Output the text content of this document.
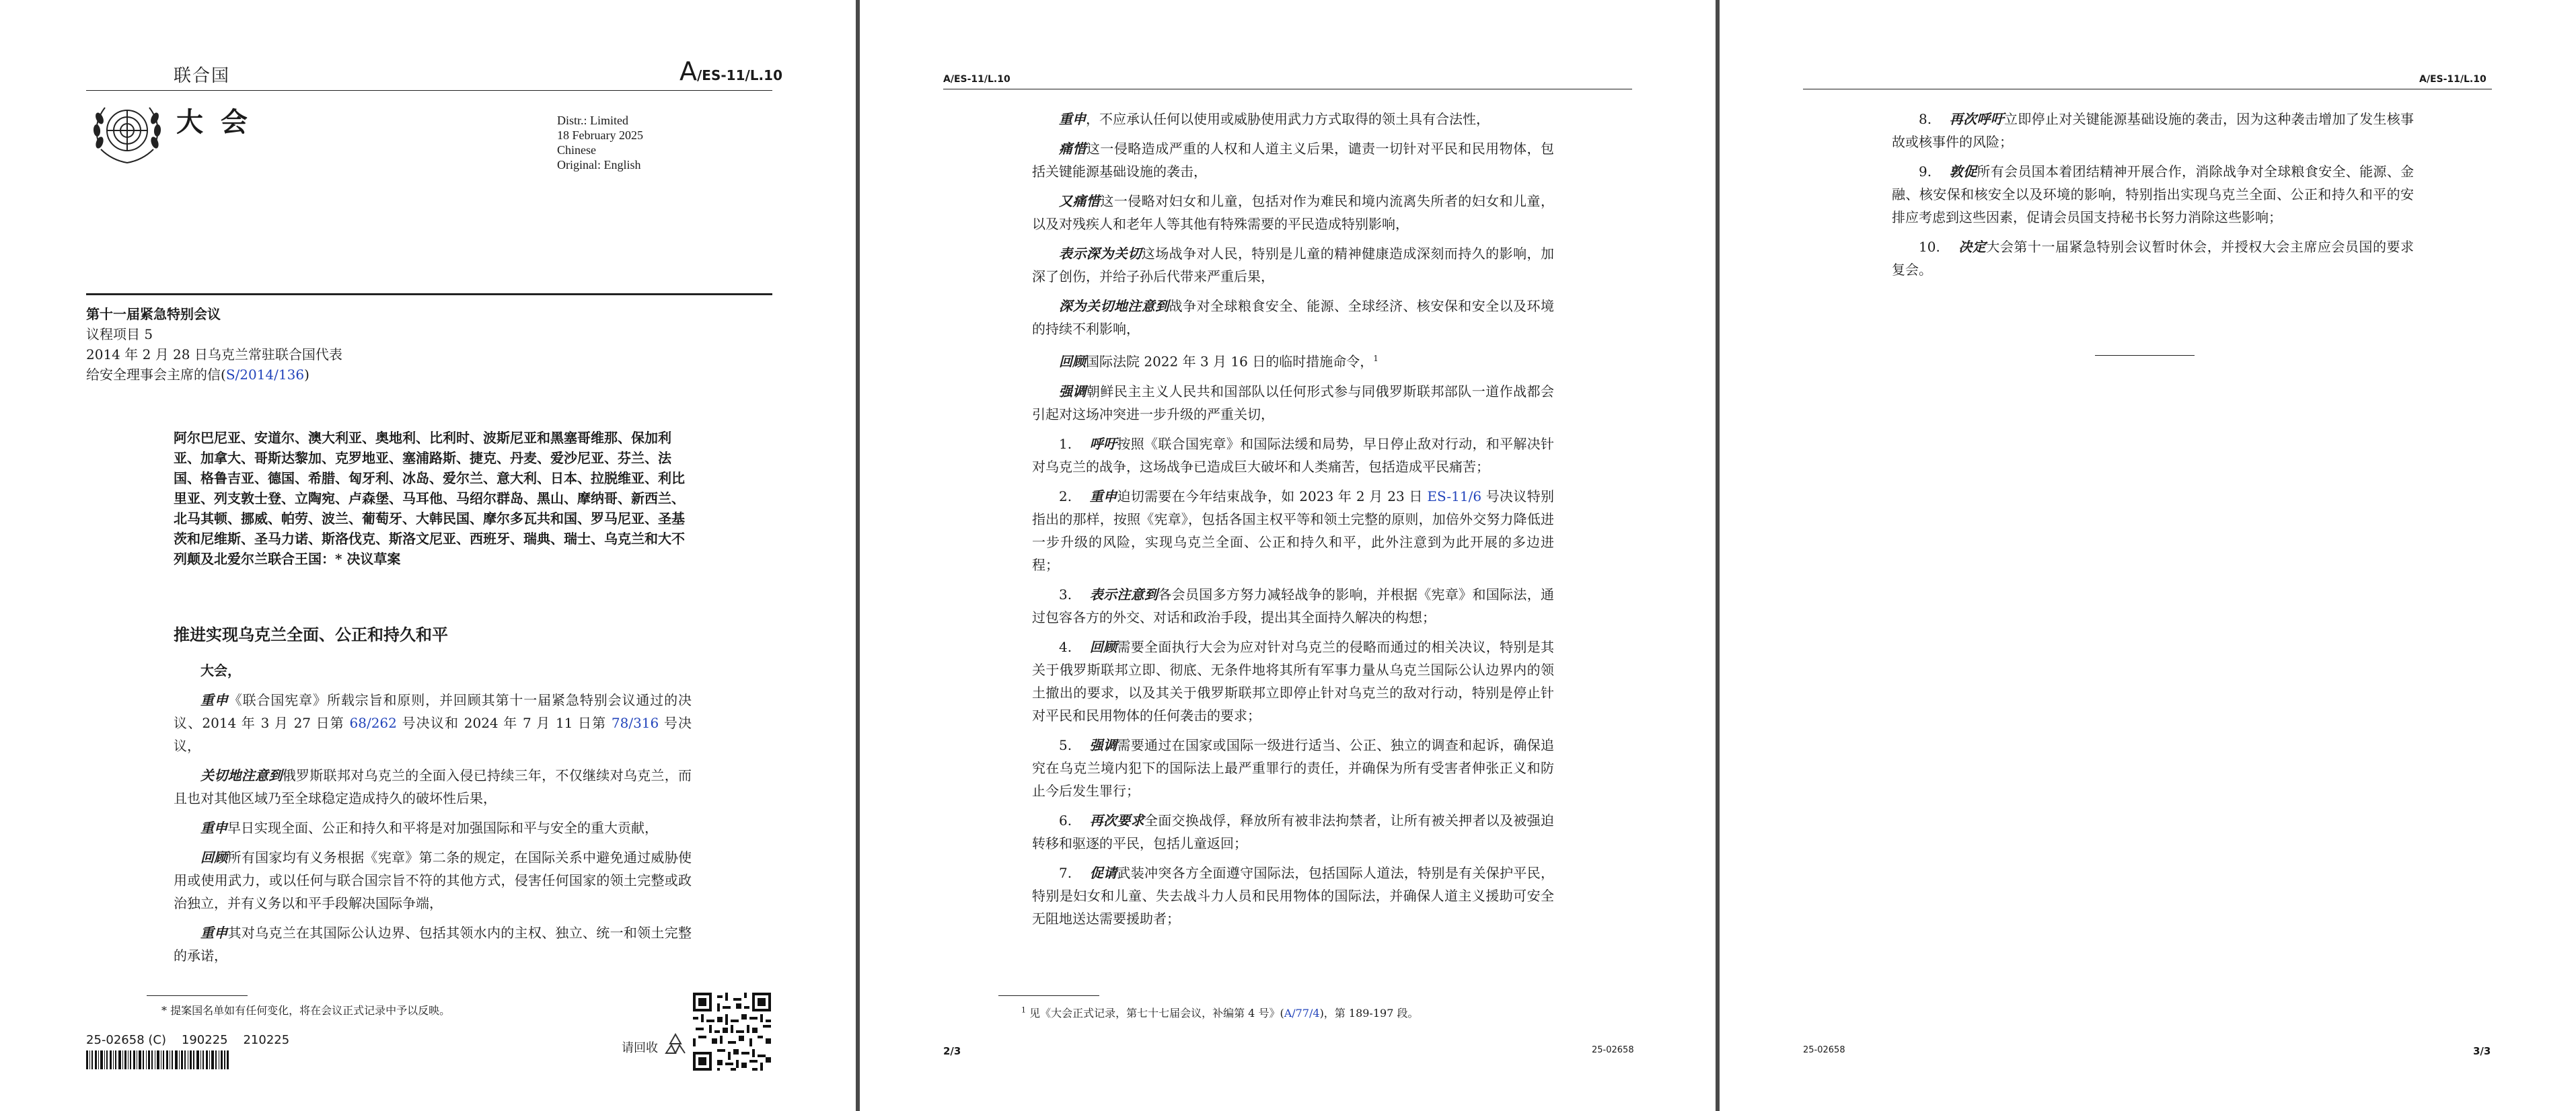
联合国	A/ES-11/L.10
大 会	Distr.: Limited
18 February 2025
Chinese
Original: English
第十一届紧急特别会议
议程项目 5
2014 年 2 月 28 日乌克兰常驻联合国代表
给安全理事会主席的信(S/2014/136)
阿尔巴尼亚、安道尔、澳大利亚、奥地利、比利时、波斯尼亚和黑塞哥维那、保加利亚、加拿大、哥斯达黎加、克罗地亚、塞浦路斯、捷克、丹麦、爱沙尼亚、芬兰、法国、格鲁吉亚、德国、希腊、匈牙利、冰岛、爱尔兰、意大利、日本、拉脱维亚、利比里亚、列支敦士登、立陶宛、卢森堡、马耳他、马绍尔群岛、黑山、摩纳哥、新西兰、北马其顿、挪威、帕劳、波兰、葡萄牙、大韩民国、摩尔多瓦共和国、罗马尼亚、圣基茨和尼维斯、圣马力诺、斯洛伐克、斯洛文尼亚、西班牙、瑞典、瑞士、乌克兰和大不列颠及北爱尔兰联合王国：* 决议草案
推进实现乌克兰全面、公正和持久和平

大会，

重申《联合国宪章》所载宗旨和原则，并回顾其第十一届紧急特别会议通过的决议、2014 年 3 月 27 日第 68/262 号决议和 2024 年 7 月 11 日第 78/316 号决议，

关切地注意到俄罗斯联邦对乌克兰的全面入侵已持续三年，不仅继续对乌克兰，而且也对其他区域乃至全球稳定造成持久的破坏性后果，

重申早日实现全面、公正和持久和平将是对加强国际和平与安全的重大贡献，

回顾所有国家均有义务根据《宪章》第二条的规定，在国际关系中避免通过威胁使用或使用武力，或以任何与联合国宗旨不符的其他方式，侵害任何国家的领土完整或政治独立，并有义务以和平手段解决国际争端，

重申其对乌克兰在其国际公认边界、包括其领水内的主权、独立、统一和领土完整的承诺，

* 提案国名单如有任何变化，将在会议正式记录中予以反映。
25-02658 (C)    190225    210225
请回收
A/ES-11/L.10

重申，不应承认任何以使用或威胁使用武力方式取得的领土具有合法性，

痛惜这一侵略造成严重的人权和人道主义后果，谴责一切针对平民和民用物体，包括关键能源基础设施的袭击，

又痛惜这一侵略对妇女和儿童，包括对作为难民和境内流离失所者的妇女和儿童，以及对残疾人和老年人等其他有特殊需要的平民造成特别影响，

表示深为关切这场战争对人民，特别是儿童的精神健康造成深刻而持久的影响，加深了创伤，并给子孙后代带来严重后果，

深为关切地注意到战争对全球粮食安全、能源、全球经济、核安保和安全以及环境的持续不利影响，

回顾国际法院 2022 年 3 月 16 日的临时措施命令，$^1$

强调朝鲜民主主义人民共和国部队以任何形式参与同俄罗斯联邦部队一道作战都会引起对这场冲突进一步升级的严重关切，

1. 呼吁按照《联合国宪章》和国际法缓和局势，早日停止敌对行动，和平解决针对乌克兰的战争，这场战争已造成巨大破坏和人类痛苦，包括造成平民痛苦；

2. 重申迫切需要在今年结束战争，如 2023 年 2 月 23 日 ES-11/6 号决议特别指出的那样，按照《宪章》，包括各国主权平等和领土完整的原则，加倍外交努力降低进一步升级的风险，实现乌克兰全面、公正和持久和平，此外注意到为此开展的多边进程；

3. 表示注意到各会员国多方努力减轻战争的影响，并根据《宪章》和国际法，通过包容各方的外交、对话和政治手段，提出其全面持久解决的构想；

4. 回顾需要全面执行大会为应对针对乌克兰的侵略而通过的相关决议，特别是其关于俄罗斯联邦立即、彻底、无条件地将其所有军事力量从乌克兰国际公认边界内的领土撤出的要求，以及其关于俄罗斯联邦立即停止针对乌克兰的敌对行动，特别是停止针对平民和民用物体的任何袭击的要求；

5. 强调需要通过在国家或国际一级进行适当、公正、独立的调查和起诉，确保追究在乌克兰境内犯下的国际法上最严重罪行的责任，并确保为所有受害者伸张正义和防止今后发生罪行；

6. 再次要求全面交换战俘，释放所有被非法拘禁者，让所有被关押者以及被强迫转移和驱逐的平民，包括儿童返回；

7. 促请武装冲突各方全面遵守国际法，包括国际人道法，特别是有关保护平民，特别是妇女和儿童、失去战斗力人员和民用物体的国际法，并确保人道主义援助可安全无阻地送达需要援助者；

$^1$ 见《大会正式记录，第七十七届会议，补编第 4 号》(A/77/4)，第 189-197 段。
2/3	25-02658
A/ES-11/L.10

8. 再次呼吁立即停止对关键能源基础设施的袭击，因为这种袭击增加了发生核事故或核事件的风险；

9. 敦促所有会员国本着团结精神开展合作，消除战争对全球粮食安全、能源、金融、核安保和核安全以及环境的影响，特别指出实现乌克兰全面、公正和持久和平的安排应考虑到这些因素，促请会员国支持秘书长努力消除这些影响；

10. 决定大会第十一届紧急特别会议暂时休会，并授权大会主席应会员国的要求复会。

25-02658	3/3
